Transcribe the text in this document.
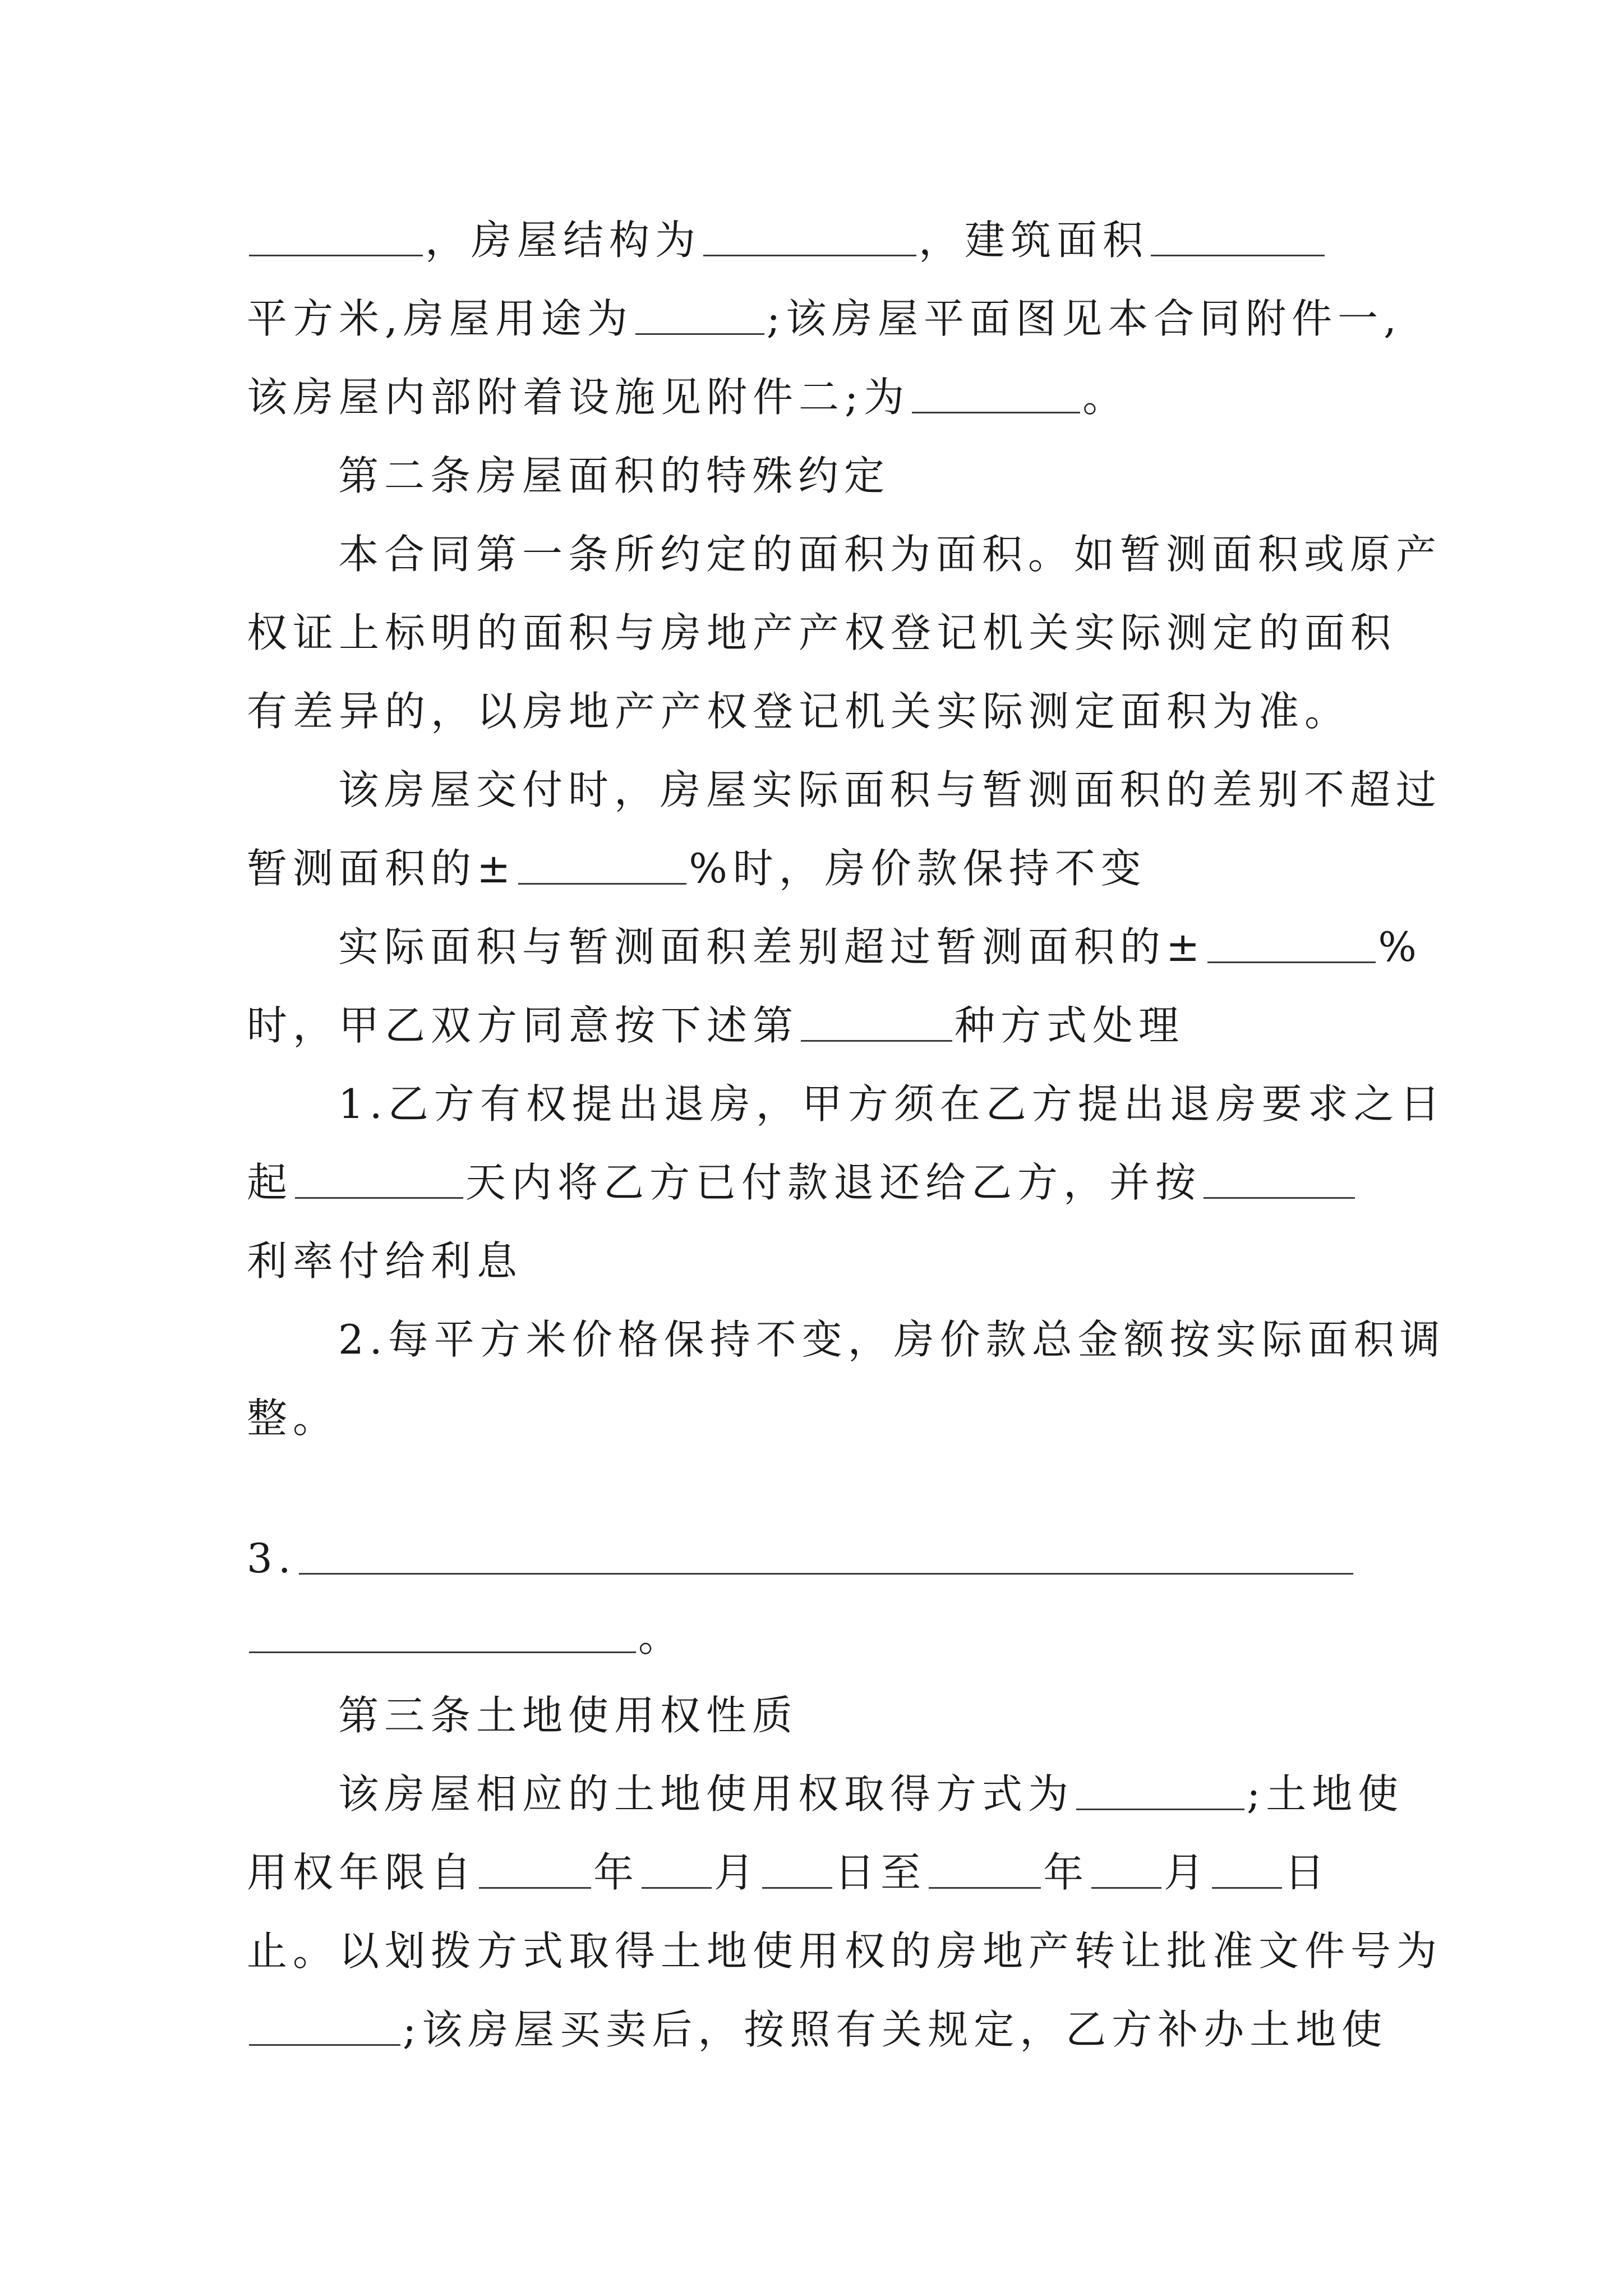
，房屋结构为	，建筑面积
平方米,房屋用途为	;该房屋平面图见本合同附件一,
该房屋内部附着设施见附件二;为	。
第二条房屋面积的特殊约定
本合同第一条所约定的面积为面积。如暂测面积或原产
权证上标明的面积与房地产产权登记机关实际测定的面积
有差异的，以房地产产权登记机关实际测定面积为准。
该房屋交付时，房屋实际面积与暂测面积的差别不超过
暂测面积的±	%时，房价款保持不变
实际面积与暂测面积差别超过暂测面积的±	%
时，甲乙双方同意按下述第	种方式处理
1.乙方有权提出退房，甲方须在乙方提出退房要求之日
起	天内将乙方已付款退还给乙方，并按
利率付给利息
2.每平方米价格保持不变，房价款总金额按实际面积调
整。
3.
。
第三条土地使用权性质
该房屋相应的土地使用权取得方式为	;土地使
用权年限自	年 月 日至	年 月 日
止。以划拨方式取得土地使用权的房地产转让批准文件号为
;该房屋买卖后，按照有关规定，乙方补办土地使
